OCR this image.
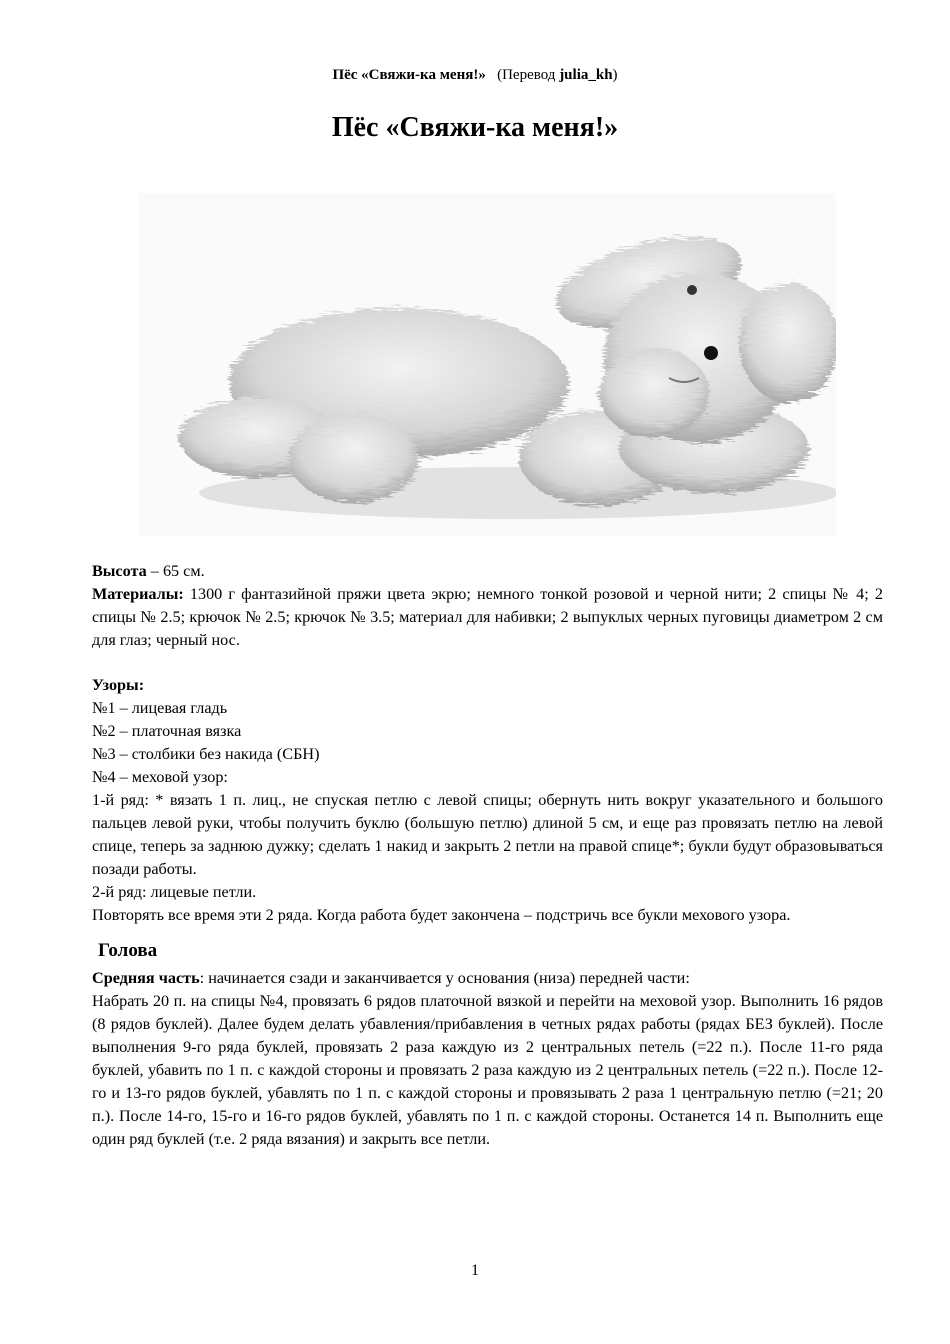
Пёс «Свяжи-ка меня!» (Перевод julia_kh)
Пёс «Свяжи-ка меня!»

Высота – 65 см.

Материалы: 1300 г фантазийной пряжи цвета экрю; немного тонкой розовой и черной нити; 2 спицы № 4; 2 спицы № 2.5; крючок № 2.5; крючок № 3.5; материал для набивки; 2 выпуклых черных пуговицы диаметром 2 см для глаз; черный нос.

Узоры:

№1 – лицевая гладь

№2 – платочная вязка

№3 – столбики без накида (СБН)

№4 – меховой узор:

1-й ряд: * вязать 1 п. лиц., не спуская петлю с левой спицы; обернуть нить вокруг указательного и большого пальцев левой руки, чтобы получить буклю (большую петлю) длиной 5 см, и еще раз провязать петлю на левой спице, теперь за заднюю дужку; сделать 1 накид и закрыть 2 петли на правой спице*; букли будут образовываться позади работы.

2-й ряд: лицевые петли.

Повторять все время эти 2 ряда. Когда работа будет закончена – подстричь все букли мехового узора.

Голова

Средняя часть: начинается сзади и заканчивается у основания (низа) передней части:

Набрать 20 п. на спицы №4, провязать 6 рядов платочной вязкой и перейти на меховой узор. Выполнить 16 рядов (8 рядов буклей). Далее будем делать убавления/прибавления в четных рядах работы (рядах БЕЗ буклей). После выполнения 9-го ряда буклей, провязать 2 раза каждую из 2 центральных петель (=22 п.). После 11-го ряда буклей, убавить по 1 п. с каждой стороны и провязать 2 раза каждую из 2 центральных петель (=22 п.). После 12-го и 13-го рядов буклей, убавлять по 1 п. с каждой стороны и провязывать 2 раза 1 центральную петлю (=21; 20 п.). После 14-го, 15-го и 16-го рядов буклей, убавлять по 1 п. с каждой стороны. Останется 14 п. Выполнить еще один ряд буклей (т.е. 2 ряда вязания) и закрыть все петли.

1
